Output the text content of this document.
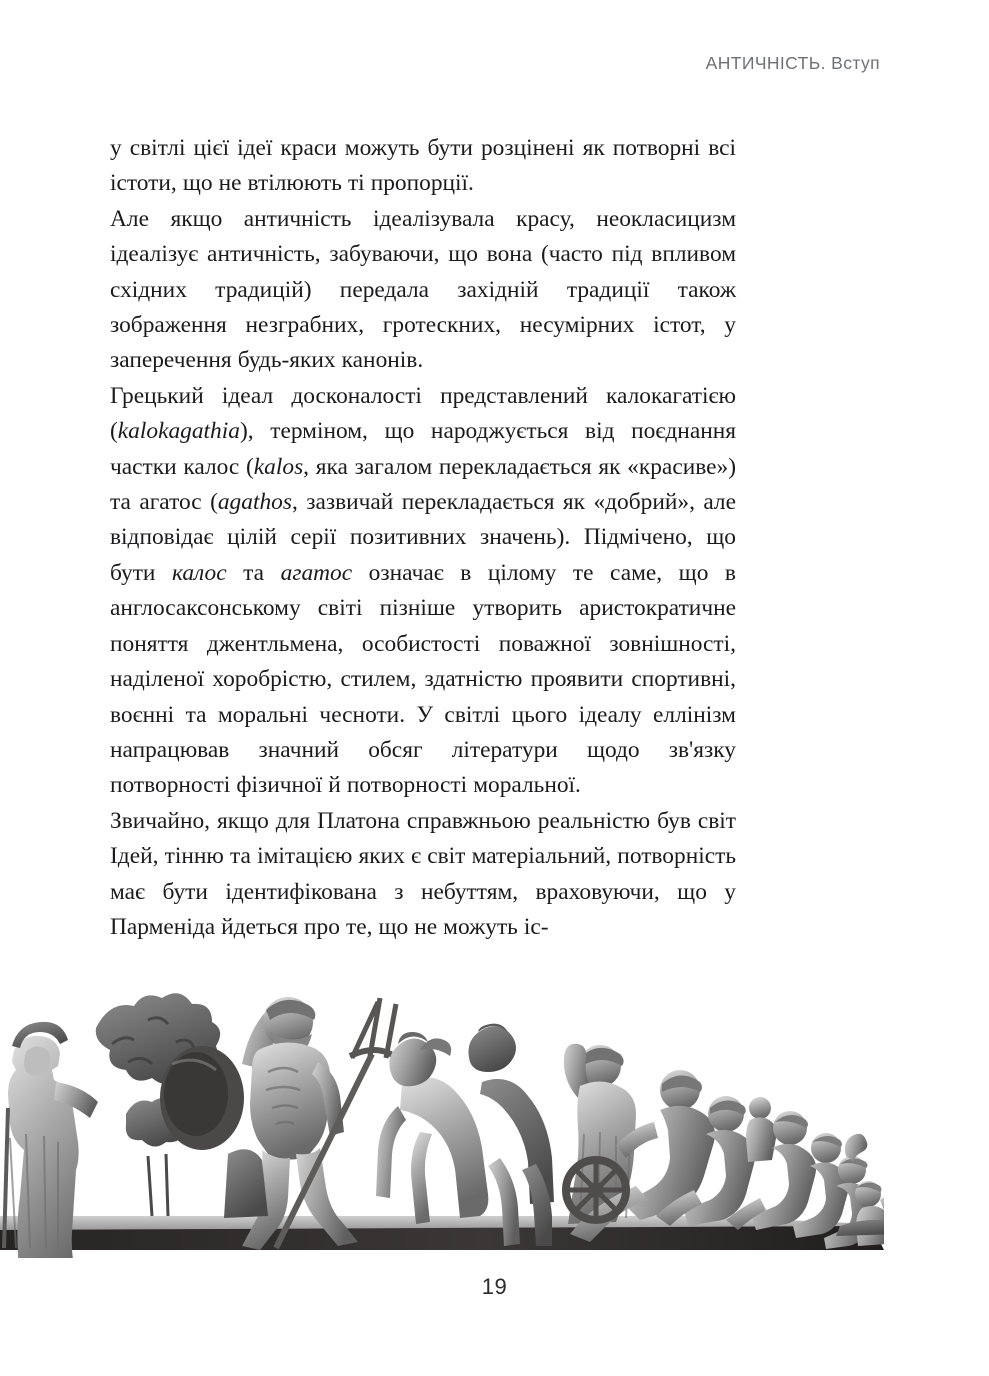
АНТИЧНІСТЬ. Вступ

у світлі цієї ідеї краси можуть бути розцінені як потворні всі істоти, що не втілюють ті пропорції.

Але якщо античність ідеалізувала красу, неокласицизм ідеалізує античність, забуваючи, що вона (часто під впливом східних традицій) передала західній традиції також зображення незграбних, гротескних, несумірних істот, у заперечення будь-яких канонів.

Грецький ідеал досконалості представлений калокагатією (kalokagathia), терміном, що народжується від поєднання частки калос (kalos, яка загалом перекладається як «красиве») та агатос (agathos, зазвичай перекладається як «добрий», але відповідає цілій серії позитивних значень). Підмічено, що бути калос та агатос означає в цілому те саме, що в англосаксонському світі пізніше утворить аристократичне поняття джентльмена, особистості поважної зовнішності, наділеної хоробрістю, стилем, здатністю проявити спортивні, воєнні та моральні чесноти. У світлі цього ідеалу еллінізм напрацював значний обсяг літератури щодо зв'язку потворності фізичної й потворності моральної.

Звичайно, якщо для Платона справжньою реальністю був світ Ідей, тінню та імітацією яких є світ матеріальний, потворність має бути ідентифікована з небуттям, враховуючи, що у Парменіда йдеться про те, що не можуть іс-

19
